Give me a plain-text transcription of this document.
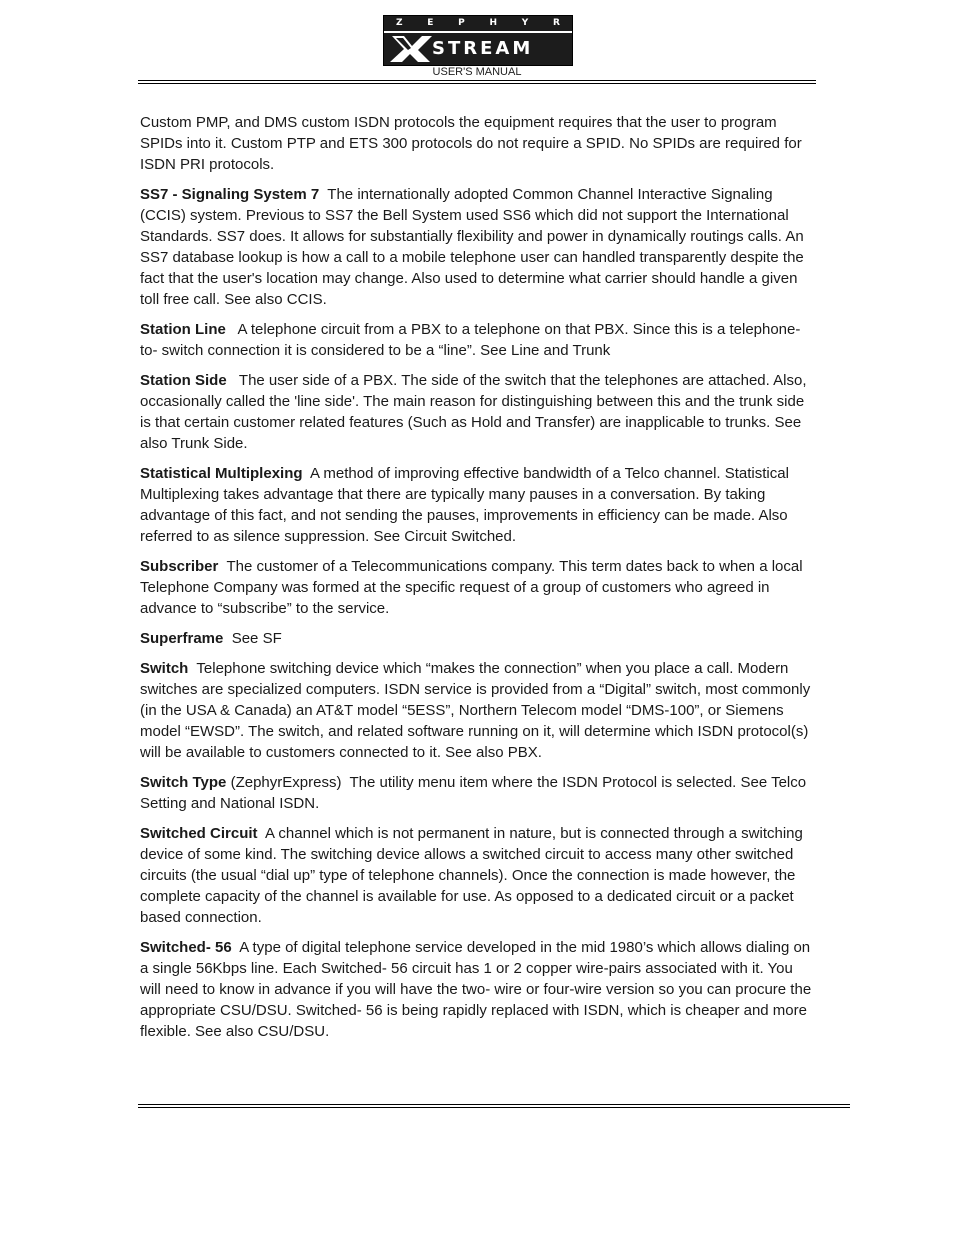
Z	E	P	H	Y	R
STREAM
USER'S MANUAL

Custom PMP, and DMS custom ISDN protocols the equipment requires that the user to program SPIDs into it. Custom PTP and ETS 300 protocols do not require a SPID. No SPIDs are required for ISDN PRI protocols.

SS7 - Signaling System 7  The internationally adopted Common Channel Interactive Signaling (CCIS) system. Previous to SS7 the Bell System used SS6 which did not support the International Standards. SS7 does. It allows for substantially flexibility and power in dynamically routings calls. An SS7 database lookup is how a call to a mobile telephone user can handled transparently despite the fact that the user's location may change. Also used to determine what carrier should handle a given toll free call. See also CCIS.

Station Line   A telephone circuit from a PBX to a telephone on that PBX. Since this is a telephone- to- switch connection it is considered to be a “line”. See Line and Trunk

Station Side   The user side of a PBX. The side of the switch that the telephones are attached. Also, occasionally called the 'line side'. The main reason for distinguishing between this and the trunk side is that certain customer related features (Such as Hold and Transfer) are inapplicable to trunks. See also Trunk Side.

Statistical Multiplexing  A method of improving effective bandwidth of a Telco channel. Statistical Multiplexing takes advantage that there are typically many pauses in a conversation. By taking advantage of this fact, and not sending the pauses, improvements in efficiency can be made. Also referred to as silence suppression. See Circuit Switched.

Subscriber  The customer of a Telecommunications company. This term dates back to when a local Telephone Company was formed at the specific request of a group of customers who agreed in advance to “subscribe” to the service.

Superframe  See SF

Switch  Telephone switching device which “makes the connection” when you place a call. Modern switches are specialized computers. ISDN service is provided from a “Digital” switch, most commonly (in the USA & Canada) an AT&T model “5ESS”, Northern Telecom model “DMS-100”, or Siemens model “EWSD”. The switch, and related software running on it, will determine which ISDN protocol(s) will be available to customers connected to it. See also PBX.

Switch Type (ZephyrExpress)  The utility menu item where the ISDN Protocol is selected. See Telco Setting and National ISDN.

Switched Circuit  A channel which is not permanent in nature, but is connected through a switching device of some kind. The switching device allows a switched circuit to access many other switched circuits (the usual “dial up” type of telephone channels). Once the connection is made however, the complete capacity of the channel is available for use. As opposed to a dedicated circuit or a packet based connection.

Switched- 56  A type of digital telephone service developed in the mid 1980’s which allows dialing on a single 56Kbps line. Each Switched- 56 circuit has 1 or 2 copper wire-pairs associated with it. You will need to know in advance if you will have the two- wire or four-wire version so you can procure the appropriate CSU/DSU. Switched- 56 is being rapidly replaced with ISDN, which is cheaper and more flexible. See also CSU/DSU.
